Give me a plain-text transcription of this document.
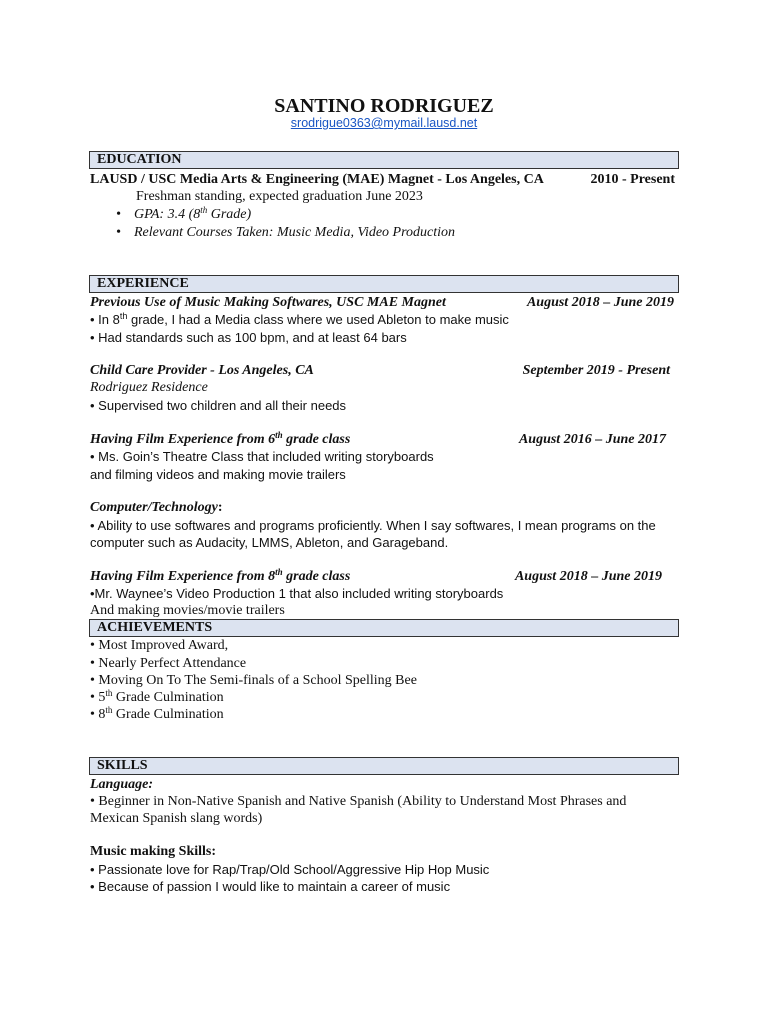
SANTINO RODRIGUEZ
srodrigue0363@mymail.lausd.net
EDUCATION
LAUSD / USC Media Arts & Engineering (MAE) Magnet - Los Angeles, CA	2010 - Present
Freshman standing, expected graduation June 2023
• GPA: 3.4 (8th Grade)
• Relevant Courses Taken: Music Media, Video Production
EXPERIENCE
Previous Use of Music Making Softwares, USC MAE Magnet	August 2018 – June 2019
• In 8th grade, I had a Media class where we used Ableton to make music
• Had standards such as 100 bpm, and at least 64 bars
Child Care Provider - Los Angeles, CA	September 2019 - Present
Rodriguez Residence
• Supervised two children and all their needs
Having Film Experience from 6th grade class	August 2016 – June 2017
• Ms. Goin’s Theatre Class that included writing storyboards
and filming videos and making movie trailers
Computer/Technology:
• Ability to use softwares and programs proficiently. When I say softwares, I mean programs on the
computer such as Audacity, LMMS, Ableton, and Garageband.
Having Film Experience from 8th grade class	August 2018 – June 2019
•Mr. Waynee’s Video Production 1 that also included writing storyboards
And making movies/movie trailers
ACHIEVEMENTS
• Most Improved Award,
• Nearly Perfect Attendance
• Moving On To The Semi-finals of a School Spelling Bee
• 5th Grade Culmination
• 8th Grade Culmination
SKILLS
Language:
• Beginner in Non-Native Spanish and Native Spanish (Ability to Understand Most Phrases and
Mexican Spanish slang words)
Music making Skills:
• Passionate love for Rap/Trap/Old School/Aggressive Hip Hop Music
• Because of passion I would like to maintain a career of music
